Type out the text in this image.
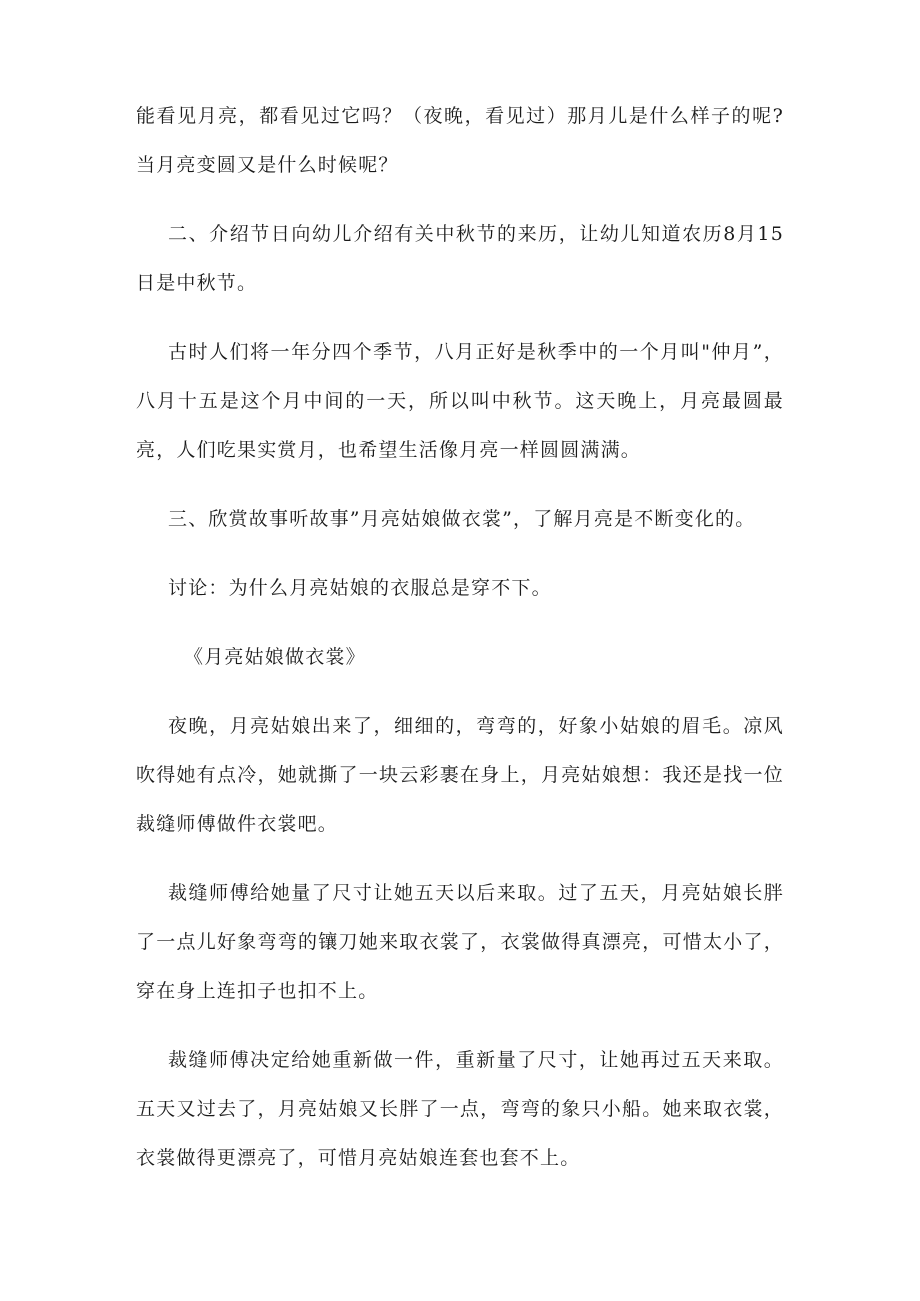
能看见月亮，都看见过它吗？（夜晚，看见过）那月儿是什么样子的呢?当月亮变圆又是什么时候呢？

二、介绍节日向幼儿介绍有关中秋节的来历，让幼儿知道农历8月15日是中秋节。

古时人们将一年分四个季节，八月正好是秋季中的一个月叫"仲月”，八月十五是这个月中间的一天，所以叫中秋节。这天晚上，月亮最圆最亮，人们吃果实赏月，也希望生活像月亮一样圆圆满满。

三、欣赏故事听故事”月亮姑娘做衣裳”，了解月亮是不断变化的。

讨论：为什么月亮姑娘的衣服总是穿不下。

《月亮姑娘做衣裳》

夜晚，月亮姑娘出来了，细细的，弯弯的，好象小姑娘的眉毛。凉风吹得她有点冷，她就撕了一块云彩裹在身上，月亮姑娘想：我还是找一位裁缝师傅做件衣裳吧。

裁缝师傅给她量了尺寸让她五天以后来取。过了五天，月亮姑娘长胖了一点儿好象弯弯的镶刀她来取衣裳了，衣裳做得真漂亮，可惜太小了，穿在身上连扣子也扣不上。

裁缝师傅决定给她重新做一件，重新量了尺寸，让她再过五天来取。五天又过去了，月亮姑娘又长胖了一点，弯弯的象只小船。她来取衣裳，衣裳做得更漂亮了，可惜月亮姑娘连套也套不上。
